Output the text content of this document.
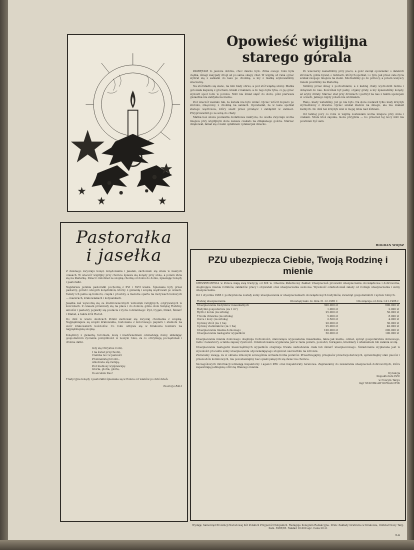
Pastorałka
i jasełka

Z dawnego zwyczaju kolęd, kolędowania i jasełek, zachowało się wiele w naszych czasach. W wieczór wigilijny przy choince śpiewa się kolędy przy stole, a potem idzie się na Pasterkę. Dzieci i młodzież ze szopką chodzą od domu do domu, śpiewając kolędy i pastorałki.

Najstarsze polskie pastorałki pochodzą z XVI i XVII wieku. Śpiewane były przez pasterzy, górali i ubogich kolędników, którzy z gwiazdą i szopką wędrowali po wsiach. Teksty ich pełne są humoru, ciepła i prostoty, a melodie oparte na motywach ludowych — mazurach, krakowiakach i kołysankach.

Jasełka zaś wywodzą się ze średniowiecznych widowisk religijnych, odgrywanych w kościołach. Z czasem przeniosły się na place i do domów, gdzie obok Świętej Rodziny, aniołów i pasterzy pojawiły się postacie z życia codziennego: Żyd, Cygan, Dziad, Śmierć i Diabeł, a także król Herod.

Do dziś w wielu okolicach Polski zachował się zwyczaj chodzenia z szopką. Najpiękniejsze są szopki krakowskie, budowane z kolorowego papieru i staniolu na wzór krakowskich kościołów. Co roku odbywa się w Krakowie konkurs na najpiękniejszą szopkę.

Kolędnicy z gwiazdą, turoniem, kozą i niedźwiedziem odwiedzają domy, składając gospodarzom życzenia pomyślności w nowym roku, za co otrzymują poczęstunek i drobne datki.

Gdy się Chrystus rodzi,
I na świat przychodzi,
Ciemna noc w jasności
Promienistej brodzi...
Aniołowie się radują,
Pod niebiosy wyśpiewują:
Gloria, gloria, gloria,
In excelsis Deo!

Tradycyjne kolędy i pastorałki śpiewane są w Polsce od wieków po dziś dzień.

Teodozja BALI
Opowieść wigilijna
starego górala

PAMIĘTAM to jeszcze dobrze, choć dawno było. Zima owego roku była ciężka, śniegi zasypały drogi aż po same okapy chat. W wigilię od rana ojciec wybrał się z saniami do lasu po choinkę, a my z matką szykowaliśmy wieczerzę.

Na stół kładło się siano, na nim biały obrus, a pod stół wiązkę słomy. Matka gotowała kapustę z grochem, kluski z makiem, a do tego była ryba, co ją ojciec wyłowił spod lodu w potoku. Nikt nie śmiał siąść do stołu, póki pierwsza gwiazdka nie zabłysła na niebie.

Pod wieczór zawiało tak, że świata nie było widać. Ojciec wrócił dopiero po zmroku, zmęczony, z choinką na saniach. Opowiadał, że w lesie spotkał starego wędrowca, który szedł przez przełęcz i zabłądził w zamieci. Przyprowadził go ze sobą do chaty.

Matka bez słowa postawiła dodatkowe nakrycie, bo wedle zwyczaju wolne miejsce przy wigilijnym stole zawsze czekało na zbłąkanego gościa. Starzec dziękował, łamał się z nami opłatkiem i płakał jak dziecko.

Po wieczerzy zasiedliśmy przy piecu, a gość zaczął opowiadać o dalekich stronach, gdzie bywał, o ludziach, których spotkał, i o tym, jak przez całe życie szukał swojego miejsca na ziemi. Słuchaliśmy go do północy, a potem wszyscy razem poszliśmy na Pasterkę.

Szliśmy przez śnieg z pochodniami, a z każdej chaty wychodzili ludzie i dołączali do nas. Kościółek był pełny, organy grały, a my śpiewaliśmy kolędy, aż szyby drżały. Starzec stał przy drzwiach i patrzył na nas z takim spokojem w oczach, jakiego nigdy potem nie widziałem.

Rano, kiedy wstaliśmy, już go nie było. Na stole zostawił tylko mały krzyżyk wyrzeźbiony z drewna. Ojciec szukał śladów na śniegu, ale nie znalazł żadnych. Do dziś ten krzyżyk wisi w mojej izbie nad łóżkiem.

Od tamtej pory co roku w wigilię zostawiam wolne miejsce przy stole i czekam. Może ktoś zapuka, może przyjdzie — bo przecież tej nocy nikt nie powinien być sam.

BOGDAN WOJSZ
PZU ubezpiecza Ciebie, Twoją Rodzinę i mienie

UBEZPIECZENIA w Polsce mają swą tradycję od XIX w. Obecnie Państwowy Zakład Ubezpieczeń prowadzi ubezpieczenia obowiązkowe i dobrowolne, obejmujące mienie rolników, zakładów pracy i obywateli oraz ubezpieczenia osobowe. Wysokość odszkodowań zależy od rodzaju ubezpieczenia i sumy ubezpieczenia.

Od 1 stycznia 1986 r. podwyższone zostały sumy ubezpieczenia w ubezpieczeniach obowiązkowych budynków, zwierząt gospodarskich i upraw rolnych.

Rodzaj ubezpieczenia	Obowiązywało do dnia 31.12.1985 r.	Obowiązuje od dnia 1.01.1986 r.
Ubezpieczenie budynków mieszkalnych	300.000 zł	600.000 zł
Budynki gospodarcze (za 1 m²)	1.000 zł	2.000 zł
Bydło i konie (za sztukę)	25.000 zł	50.000 zł
Trzoda chlewna (za sztukę)	5.000 zł	8.000 zł
Owce i kozy (za sztukę)	2.500 zł	4.000 zł
Uprawy zbóż (za 1 ha)	20.000 zł	30.000 zł
Uprawy ziemniaków (za 1 ha)	25.000 zł	40.000 zł
Ubezpieczenie mienia domowego	100.000 zł	200.000 zł
Ubezpieczenie następstw wypadków	50.000 zł	100.000 zł

Ubezpieczenie mienia domowego obejmuje ruchomości, stanowiące wyposażenie mieszkania, takie jak meble, odzież, sprzęt gospodarstwa domowego, radio i telewizory, a także zapasy żywności. Odszkodowanie wypłacane jest w razie pożaru, powodzi, huraganu, kradzieży z włamaniem lub zalania wodą.

Ubezpieczenie następstw nieszczęśliwych wypadków obejmuje trwałe uszkodzenie ciała lub śmierć ubezpieczonego. Świadczenie wypłacane jest w wysokości procentu sumy ubezpieczenia odpowiadającego stopniowi uszczerbku na zdrowiu.

Zwracamy uwagę, że w okresie zimowym szczególnie wzrasta liczba pożarów. Przestrzegajmy przepisów przeciwpożarowych, sprawdzajmy stan pieców i przewodów kominowych, nie pozostawiajmy bez opieki palących się świec na choince.

Szczegółowych informacji udzielają inspektorzy i agenci PZU oraz inspektoraty terenowe. Zapraszamy do zawierania ubezpieczeń dobrowolnych, które zapewniają pełniejszą ochronę Waszego mienia.

Dyrekcja
Inspektoratu PZU
w Nowym Targu
mgr STANISŁAW KOWALCZYK
Wydają: Samorząd Prowincji Narodowej Kół Polskich Przyjaciół Chłopskich. Redaguje Kolegium Redakcyjne. Druk: Zakłady Graficzne w Krakowie, Oddział Nowy Targ. Zam. 3985/85. Nakład 10.000 egz. Cena 20 zł.
3-4
